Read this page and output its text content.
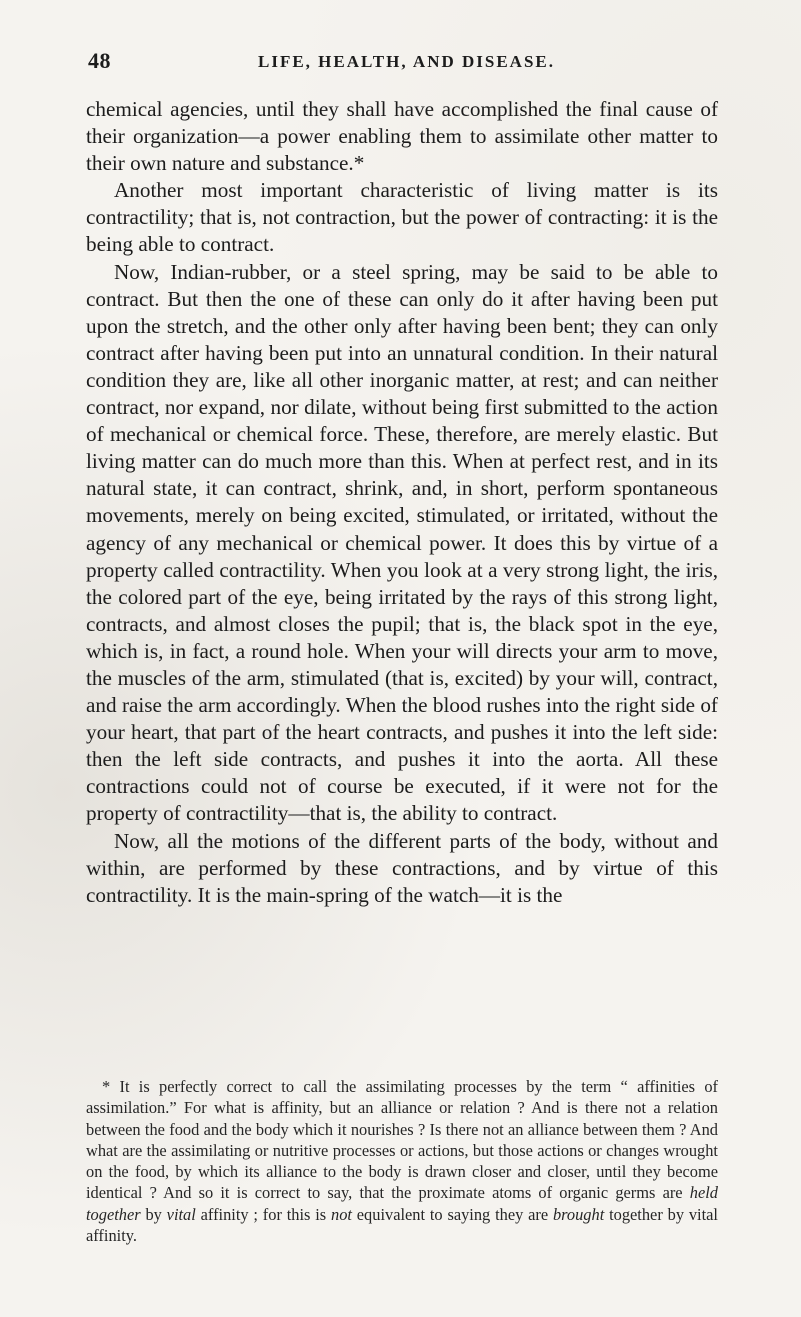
48	LIFE, HEALTH, AND DISEASE.

chemical agencies, until they shall have accomplished the final cause of their organization—a power enabling them to assimilate other matter to their own nature and substance.*

Another most important characteristic of living matter is its contractility; that is, not contraction, but the power of contracting: it is the being able to contract.

Now, Indian-rubber, or a steel spring, may be said to be able to contract. But then the one of these can only do it after having been put upon the stretch, and the other only after having been bent; they can only contract after having been put into an unnatural condition. In their natural condition they are, like all other inorganic matter, at rest; and can neither contract, nor expand, nor dilate, without being first submitted to the action of mechanical or chemical force. These, therefore, are merely elastic. But living matter can do much more than this. When at perfect rest, and in its natural state, it can contract, shrink, and, in short, perform spontaneous movements, merely on being excited, stimulated, or irritated, without the agency of any mechanical or chemical power. It does this by virtue of a property called contractility. When you look at a very strong light, the iris, the colored part of the eye, being irritated by the rays of this strong light, contracts, and almost closes the pupil; that is, the black spot in the eye, which is, in fact, a round hole. When your will directs your arm to move, the muscles of the arm, stimulated (that is, excited) by your will, contract, and raise the arm accordingly. When the blood rushes into the right side of your heart, that part of the heart contracts, and pushes it into the left side: then the left side contracts, and pushes it into the aorta. All these contractions could not of course be executed, if it were not for the property of contractility—that is, the ability to contract.

Now, all the motions of the different parts of the body, without and within, are performed by these contractions, and by virtue of this contractility. It is the main-spring of the watch—it is the

* It is perfectly correct to call the assimilating processes by the term “ affinities of assimilation.” For what is affinity, but an alliance or relation ? And is there not a relation between the food and the body which it nourishes ? Is there not an alliance between them ? And what are the assimilating or nutritive processes or actions, but those actions or changes wrought on the food, by which its alliance to the body is drawn closer and closer, until they become identical ? And so it is correct to say, that the proximate atoms of organic germs are held together by vital affinity ; for this is not equivalent to saying they are brought together by vital affinity.
